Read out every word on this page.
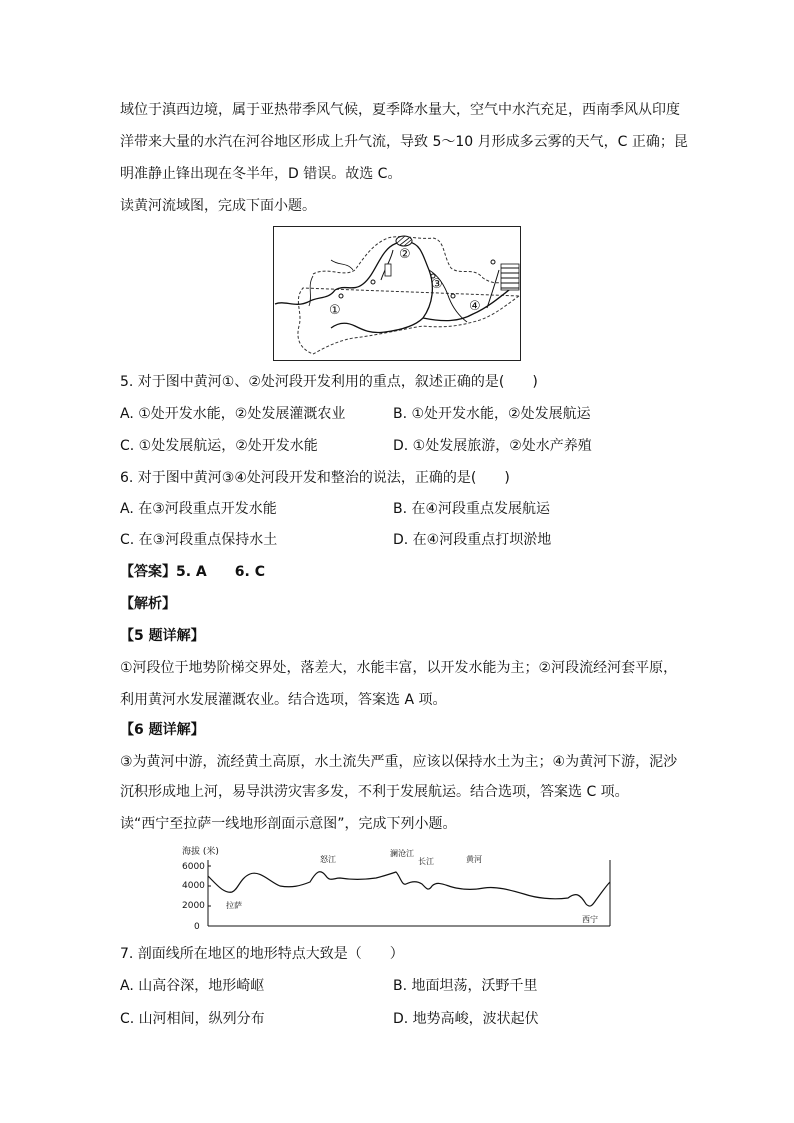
域位于滇西边境，属于亚热带季风气候，夏季降水量大，空气中水汽充足，西南季风从印度
洋带来大量的水汽在河谷地区形成上升气流，导致 5～10 月形成多云雾的天气，C 正确；昆
明准静止锋出现在冬半年，D 错误。故选 C。
读黄河流域图，完成下面小题。
①
②
③
④
5. 对于图中黄河①、②处河段开发利用的重点，叙述正确的是(　　)
A. ①处开发水能，②处发展灌溉农业	B. ①处开发水能，②处发展航运
C. ①处发展航运，②处开发水能	D. ①处发展旅游，②处水产养殖
6. 对于图中黄河③④处河段开发和整治的说法，正确的是(　　)
A. 在③河段重点开发水能	B. 在④河段重点发展航运
C. 在③河段重点保持水土	D. 在④河段重点打坝淤地
【答案】5. A　　6. C
【解析】
【5 题详解】
①河段位于地势阶梯交界处，落差大，水能丰富，以开发水能为主；②河段流经河套平原，
利用黄河水发展灌溉农业。结合选项，答案选 A 项。
【6 题详解】
③为黄河中游，流经黄土高原，水土流失严重，应该以保持水土为主；④为黄河下游，泥沙
沉积形成地上河，易导洪涝灾害多发，不利于发展航运。结合选项，答案选 C 项。
读“西宁至拉萨一线地形剖面示意图”，完成下列小题。
海拔 (米)
6000
4000
2000
0
拉萨
怒江
澜沧江
长江	黄河
西宁
7. 剖面线所在地区的地形特点大致是（　　）
A. 山高谷深，地形崎岖	B. 地面坦荡，沃野千里
C. 山河相间，纵列分布	D. 地势高峻，波状起伏
